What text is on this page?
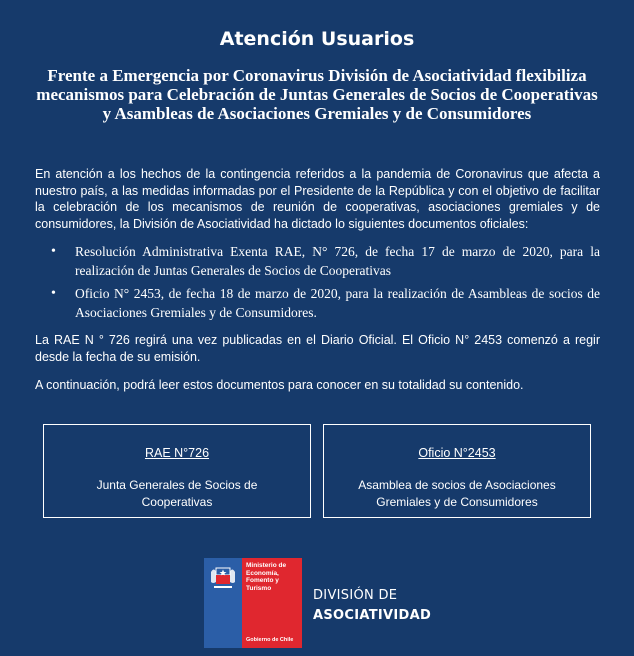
Atención Usuarios
Frente a Emergencia por Coronavirus División de Asociatividad flexibiliza mecanismos para Celebración de Juntas Generales de Socios de Cooperativas y Asambleas de Asociaciones Gremiales y de Consumidores
En atención a los hechos de la contingencia referidos a la pandemia de Coronavirus que afecta a nuestro país, a las medidas informadas por el Presidente de la República y con el objetivo de facilitar la celebración de los mecanismos de reunión de cooperativas, asociaciones gremiales y de consumidores, la División de Asociatividad ha dictado lo siguientes documentos oficiales:
• Resolución Administrativa Exenta RAE, N° 726, de fecha 17 de marzo de 2020, para la realización de Juntas Generales de Socios de Cooperativas
• Oficio N° 2453, de fecha 18 de marzo de 2020, para la realización de Asambleas de socios de Asociaciones Gremiales y de Consumidores.
La RAE N ° 726 regirá una vez publicadas en el Diario Oficial. El Oficio N° 2453 comenzó a regir desde la fecha de su emisión.
A continuación, podrá leer estos documentos para conocer en su totalidad su contenido.
RAE N°726
Junta Generales de Socios de Cooperativas
Oficio N°2453
Asamblea de socios de Asociaciones Gremiales y de Consumidores
Ministerio de Economía, Fomento y Turismo
Gobierno de Chile
DIVISIÓN DE
ASOCIATIVIDAD
